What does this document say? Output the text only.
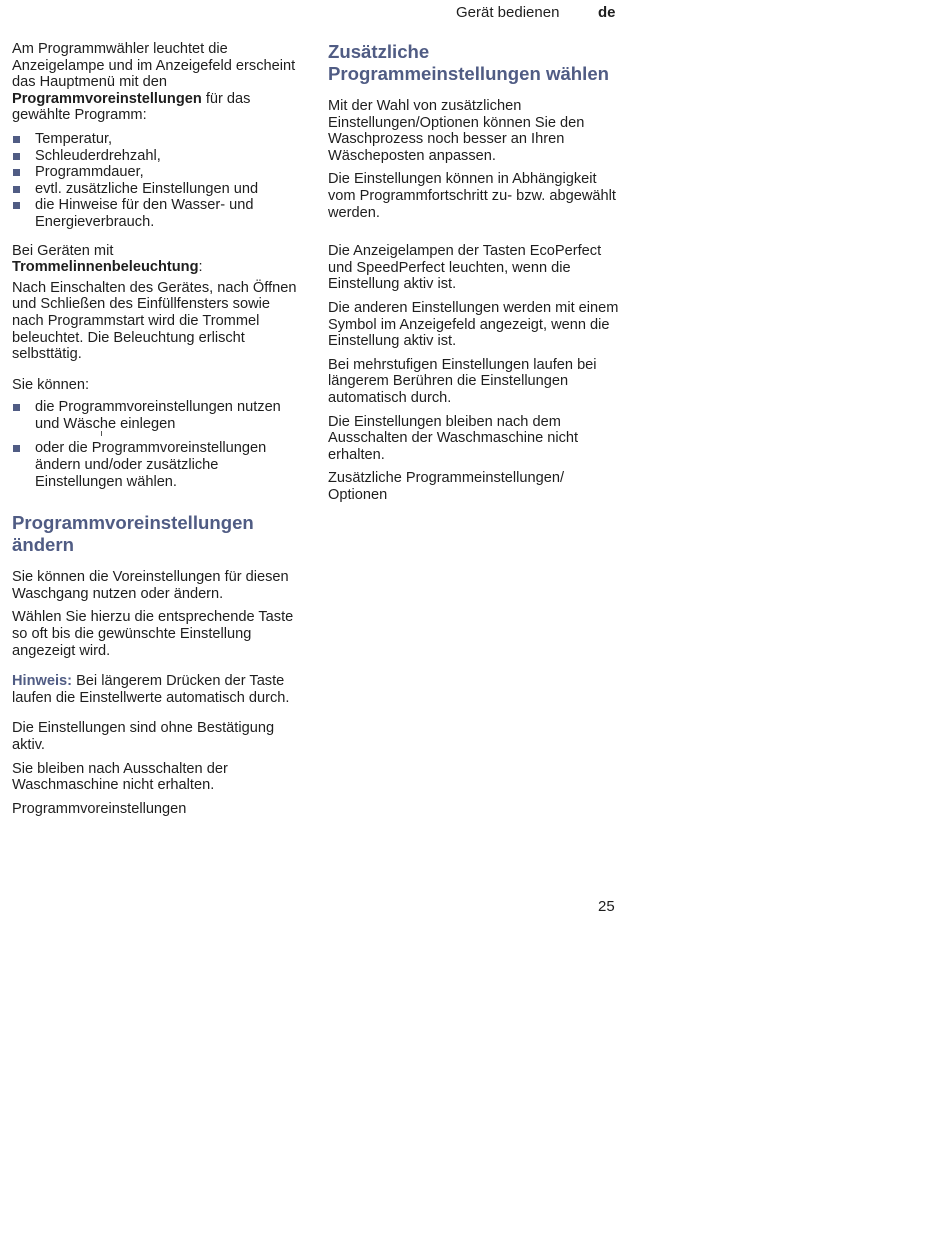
Gerät bedienen	de

Am Programmwähler leuchtet die Anzeigelampe und im Anzeigefeld erscheint das Hauptmenü mit den Programmvoreinstellungen für das gewählte Programm:

Temperatur,
Schleuderdrehzahl,
Programmdauer,
evtl. zusätzliche Einstellungen und
die Hinweise für den Wasser- und Energieverbrauch.

Bei Geräten mit
Trommelinnenbeleuchtung:

Nach Einschalten des Gerätes, nach Öffnen und Schließen des Einfüllfensters sowie nach Programmstart wird die Trommel beleuchtet. Die Beleuchtung erlischt selbsttätig.

Sie können:

die Programmvoreinstellungen nutzen und Wäsche einlegen
oder die Programmvoreinstellungen ändern und/oder zusätzliche Einstellungen wählen.
Programmvoreinstellungen ändern

Sie können die Voreinstellungen für diesen Waschgang nutzen oder ändern.

Wählen Sie hierzu die entsprechende Taste so oft bis die gewünschte Einstellung angezeigt wird.

Hinweis: Bei längerem Drücken der Taste laufen die Einstellwerte automatisch durch.

Die Einstellungen sind ohne Bestätigung aktiv.

Sie bleiben nach Ausschalten der Waschmaschine nicht erhalten.

Programmvoreinstellungen

Zusätzliche Programmeinstellungen wählen

Mit der Wahl von zusätzlichen Einstellungen/Optionen können Sie den Waschprozess noch besser an Ihren Wäscheposten anpassen.

Die Einstellungen können in Abhängigkeit vom Programmfortschritt zu- bzw. abgewählt werden.

Die Anzeigelampen der Tasten EcoPerfect und SpeedPerfect leuchten, wenn die Einstellung aktiv ist.

Die anderen Einstellungen werden mit einem Symbol im Anzeigefeld angezeigt, wenn die Einstellung aktiv ist.

Bei mehrstufigen Einstellungen laufen bei längerem Berühren die Einstellungen automatisch durch.

Die Einstellungen bleiben nach dem Ausschalten der Waschmaschine nicht erhalten.

Zusätzliche Programmeinstellungen/ Optionen

25
